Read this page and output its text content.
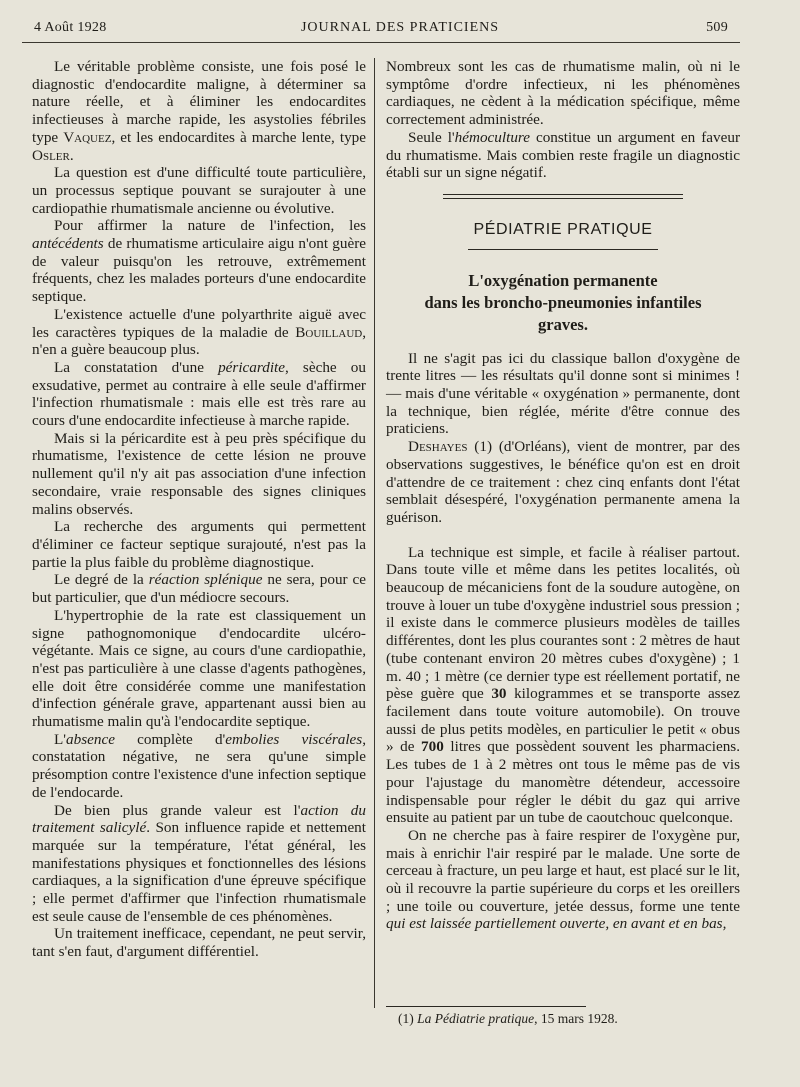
4 Août 1928	JOURNAL DES PRATICIENS	509

Le véritable problème consiste, une fois posé le diagnostic d'endocardite maligne, à déterminer sa nature réelle, et à éliminer les endocardites infectieuses à marche rapide, les asystolies fébriles type Vaquez, et les endocardites à marche lente, type Osler.

La question est d'une difficulté toute particulière, un processus septique pouvant se surajouter à une cardiopathie rhumatismale ancienne ou évolutive.

Pour affirmer la nature de l'infection, les antécédents de rhumatisme articulaire aigu n'ont guère de valeur puisqu'on les retrouve, extrêmement fréquents, chez les malades porteurs d'une endocardite septique.

L'existence actuelle d'une polyarthrite aiguë avec les caractères typiques de la maladie de Bouillaud, n'en a guère beaucoup plus.

La constatation d'une péricardite, sèche ou exsudative, permet au contraire à elle seule d'affirmer l'infection rhumatismale : mais elle est très rare au cours d'une endocardite infectieuse à marche rapide.

Mais si la péricardite est à peu près spécifique du rhumatisme, l'existence de cette lésion ne prouve nullement qu'il n'y ait pas association d'une infection secondaire, vraie responsable des signes cliniques malins observés.

La recherche des arguments qui permettent d'éliminer ce facteur septique surajouté, n'est pas la partie la plus faible du problème diagnostique.

Le degré de la réaction splénique ne sera, pour ce but particulier, que d'un médiocre secours.

L'hypertrophie de la rate est classiquement un signe pathognomonique d'endocardite ulcéro-végétante. Mais ce signe, au cours d'une cardiopathie, n'est pas particulière à une classe d'agents pathogènes, elle doit être considérée comme une manifestation d'infection générale grave, appartenant aussi bien au rhumatisme malin qu'à l'endocardite septique.

L'absence complète d'embolies viscérales, constatation négative, ne sera qu'une simple présomption contre l'existence d'une infection septique de l'endocarde.

De bien plus grande valeur est l'action du traitement salicylé. Son influence rapide et nettement marquée sur la température, l'état général, les manifestations physiques et fonctionnelles des lésions cardiaques, a la signification d'une épreuve spécifique ; elle permet d'affirmer que l'infection rhumatismale est seule cause de l'ensemble de ces phénomènes.

Un traitement inefficace, cependant, ne peut servir, tant s'en faut, d'argument différentiel.

Nombreux sont les cas de rhumatisme malin, où ni le symptôme d'ordre infectieux, ni les phénomènes cardiaques, ne cèdent à la médication spécifique, même correctement administrée.

Seule l'hémoculture constitue un argument en faveur du rhumatisme. Mais combien reste fragile un diagnostic établi sur un signe négatif.

PÉDIATRIE PRATIQUE
L'oxygénation permanente
dans les broncho-pneumonies infantiles
graves.

Il ne s'agit pas ici du classique ballon d'oxygène de trente litres — les résultats qu'il donne sont si minimes ! — mais d'une véritable « oxygénation » permanente, dont la technique, bien réglée, mérite d'être connue des praticiens.

Deshayes (1) (d'Orléans), vient de montrer, par des observations suggestives, le bénéfice qu'on est en droit d'attendre de ce traitement : chez cinq enfants dont l'état semblait désespéré, l'oxygénation permanente amena la guérison.

La technique est simple, et facile à réaliser partout. Dans toute ville et même dans les petites localités, où beaucoup de mécaniciens font de la soudure autogène, on trouve à louer un tube d'oxygène industriel sous pression ; il existe dans le commerce plusieurs modèles de tailles différentes, dont les plus courantes sont : 2 mètres de haut (tube contenant environ 20 mètres cubes d'oxygène) ; 1 m. 40 ; 1 mètre (ce dernier type est réellement portatif, ne pèse guère que 30 kilogrammes et se transporte assez facilement dans toute voiture automobile). On trouve aussi de plus petits modèles, en particulier le petit « obus » de 700 litres que possèdent souvent les pharmaciens. Les tubes de 1 à 2 mètres ont tous le même pas de vis pour l'ajustage du manomètre détendeur, accessoire indispensable pour régler le débit du gaz qui arrive ensuite au patient par un tube de caoutchouc quelconque.

On ne cherche pas à faire respirer de l'oxygène pur, mais à enrichir l'air respiré par le malade. Une sorte de cerceau à fracture, un peu large et haut, est placé sur le lit, où il recouvre la partie supérieure du corps et les oreillers ; une toile ou couverture, jetée dessus, forme une tente qui est laissée partiellement ouverte, en avant et en bas,

(1) La Pédiatrie pratique, 15 mars 1928.
